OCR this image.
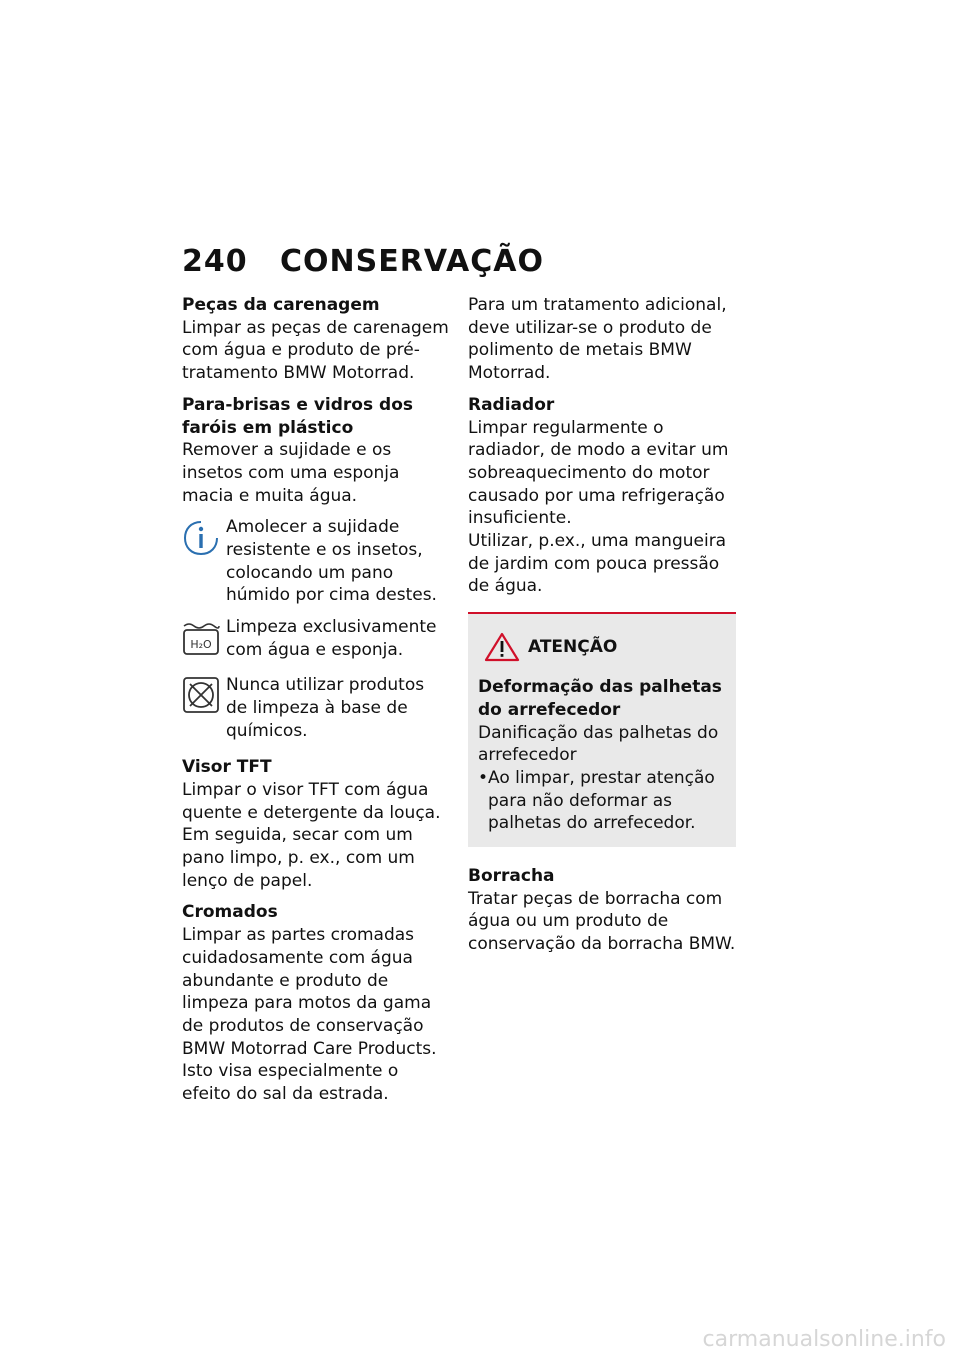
240 CONSERVAÇÃO
Peças da carenagem
Limpar as peças de carenagem com água e produto de pré-tratamento BMW Motorrad.
Para-brisas e vidros dos faróis em plástico
Remover a sujidade e os insetos com uma esponja macia e muita água.
Amolecer a sujidade resistente e os insetos, colocando um pano húmido por cima destes.
H₂O
Limpeza exclusivamente com água e esponja.
Nunca utilizar produtos de limpeza à base de químicos.
Visor TFT
Limpar o visor TFT com água quente e detergente da louça. Em seguida, secar com um pano limpo, p. ex., com um lenço de papel.
Cromados
Limpar as partes cromadas cuidadosamente com água abundante e produto de limpeza para motos da gama de produtos de conservação BMW Motorrad Care Products. Isto visa especialmente o efeito do sal da estrada.
Para um tratamento adicional, deve utilizar-se o produto de polimento de metais BMW Motorrad.
Radiador
Limpar regularmente o radiador, de modo a evitar um sobreaquecimento do motor causado por uma refrigeração insuficiente.
Utilizar, p.ex., uma mangueira de jardim com pouca pressão de água.
ATENÇÃO
Deformação das palhetas do arrefecedor
Danificação das palhetas do arrefecedor
• Ao limpar, prestar atenção para não deformar as palhetas do arrefecedor.
Borracha
Tratar peças de borracha com água ou um produto de conservação da borracha BMW.
carmanualsonline.info
